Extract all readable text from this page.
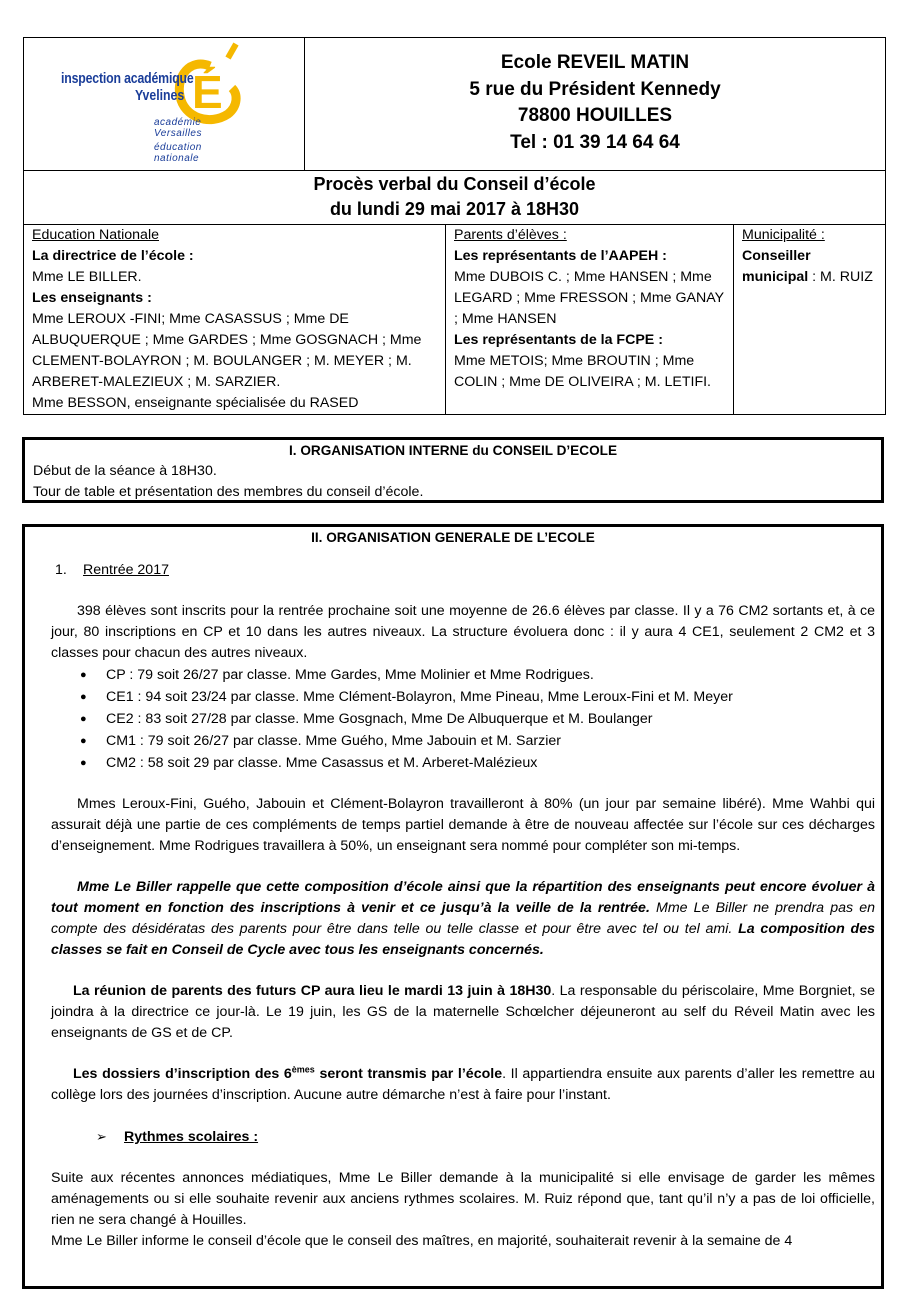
É
inspection académique
Yvelines
académie
Versailles
éducation
nationale

Ecole REVEIL MATIN
5 rue du Président Kennedy
78800 HOUILLES
Tel : 01 39 14 64 64

Procès verbal du Conseil d’école
du lundi 29 mai 2017 à 18H30
Education Nationale
La directrice de l’école :
Mme LE BILLER.
Les enseignants :
Mme LEROUX -FINI; Mme CASASSUS ; Mme DE ALBUQUERQUE ; Mme GARDES ; Mme GOSGNACH ; Mme CLEMENT-BOLAYRON ; M. BOULANGER ; M. MEYER ; M. ARBERET-MALEZIEUX ; M. SARZIER.
Mme BESSON, enseignante spécialisée du RASED

Parents d’élèves :
Les représentants de l’AAPEH :
Mme DUBOIS C. ; Mme HANSEN ; Mme LEGARD ; Mme FRESSON ; Mme GANAY ; Mme HANSEN
Les représentants de la FCPE :
Mme METOIS; Mme BROUTIN ; Mme COLIN ; Mme DE OLIVEIRA ; M. LETIFI.

Municipalité :
Conseiller municipal : M. RUIZ
I. ORGANISATION INTERNE du CONSEIL D’ECOLE
Début de la séance à 18H30.
Tour de table et présentation des membres du conseil d’école.
II. ORGANISATION GENERALE DE L’ECOLE
1. Rentrée 2017

398 élèves sont inscrits pour la rentrée prochaine soit une moyenne de 26.6 élèves par classe. Il y a 76 CM2 sortants et, à ce jour, 80 inscriptions en CP et 10 dans les autres niveaux. La structure évoluera donc : il y aura 4 CE1, seulement 2 CM2 et 3 classes pour chacun des autres niveaux.

● CP : 79 soit 26/27 par classe. Mme Gardes, Mme Molinier et Mme Rodrigues.
● CE1 : 94 soit 23/24 par classe. Mme Clément-Bolayron, Mme Pineau, Mme Leroux-Fini et M. Meyer
● CE2 : 83 soit 27/28 par classe. Mme Gosgnach, Mme De Albuquerque et M. Boulanger
● CM1 : 79 soit 26/27 par classe. Mme Guého, Mme Jabouin et M. Sarzier
● CM2 : 58 soit 29 par classe. Mme Casassus et M. Arberet-Malézieux

Mmes Leroux-Fini, Guého, Jabouin et Clément-Bolayron travailleront à 80% (un jour par semaine libéré). Mme Wahbi qui assurait déjà une partie de ces compléments de temps partiel demande à être de nouveau affectée sur l’école sur ces décharges d’enseignement. Mme Rodrigues travaillera à 50%, un enseignant sera nommé pour compléter son mi-temps.

Mme Le Biller rappelle que cette composition d’école ainsi que la répartition des enseignants peut encore évoluer à tout moment en fonction des inscriptions à venir et ce jusqu’à la veille de la rentrée. Mme Le Biller ne prendra pas en compte des désidératas des parents pour être dans telle ou telle classe et pour être avec tel ou tel ami. La composition des classes se fait en Conseil de Cycle avec tous les enseignants concernés.

La réunion de parents des futurs CP aura lieu le mardi 13 juin à 18H30. La responsable du périscolaire, Mme Borgniet, se joindra à la directrice ce jour-là. Le 19 juin, les GS de la maternelle Schœlcher déjeuneront au self du Réveil Matin avec les enseignants de GS et de CP.

Les dossiers d’inscription des 6èmes seront transmis par l’école. Il appartiendra ensuite aux parents d’aller les remettre au collège lors des journées d’inscription. Aucune autre démarche n’est à faire pour l’instant.

➢ Rythmes scolaires :

Suite aux récentes annonces médiatiques, Mme Le Biller demande à la municipalité si elle envisage de garder les mêmes aménagements ou si elle souhaite revenir aux anciens rythmes scolaires. M. Ruiz répond que, tant qu’il n’y a pas de loi officielle, rien ne sera changé à Houilles.

Mme Le Biller informe le conseil d’école que le conseil des maîtres, en majorité, souhaiterait revenir à la semaine de 4
